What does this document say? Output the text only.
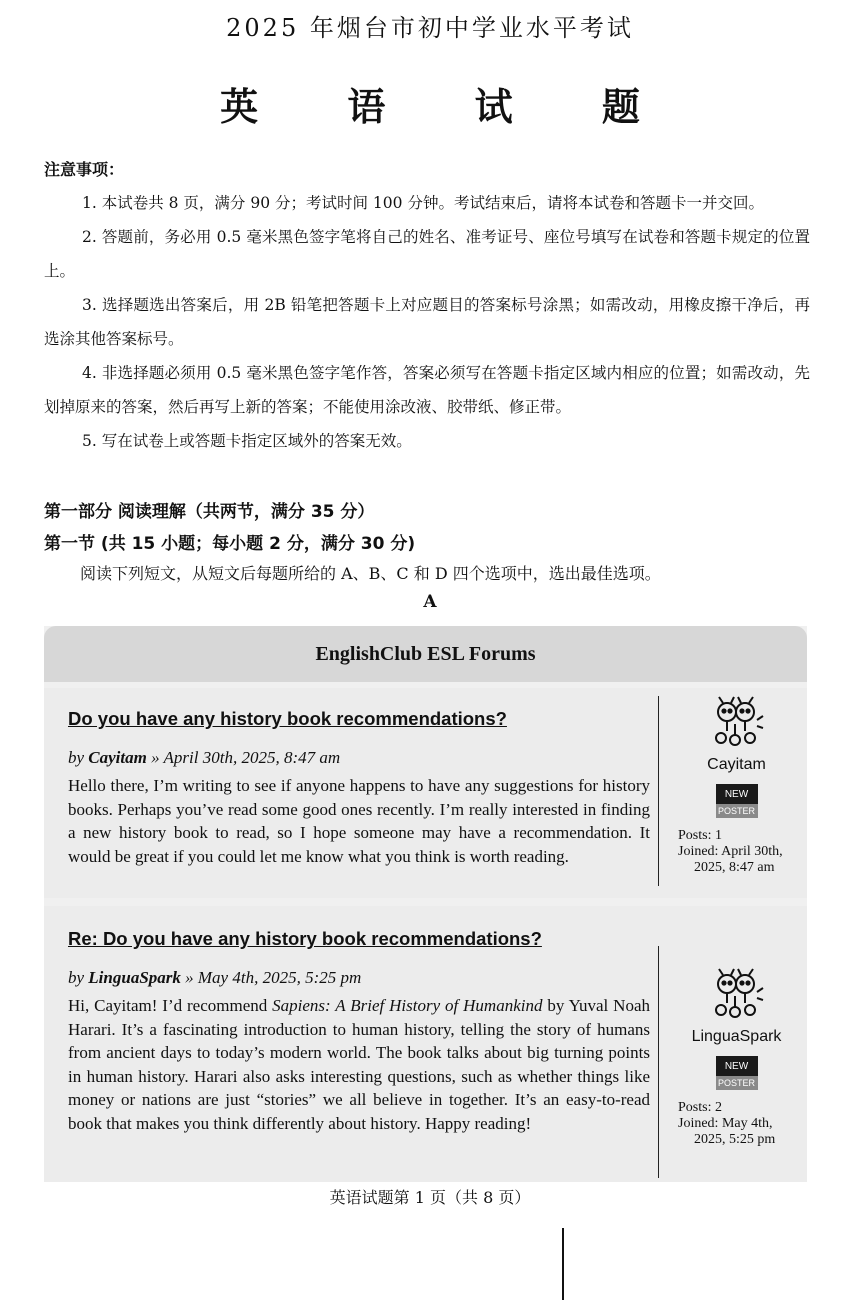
2025 年烟台市初中学业水平考试
英 语 试 题
注意事项：

1. 本试卷共 8 页，满分 90 分；考试时间 100 分钟。考试结束后，请将本试卷和答题卡一并交回。

2. 答题前，务必用 0.5 毫米黑色签字笔将自己的姓名、准考证号、座位号填写在试卷和答题卡规定的位置上。

3. 选择题选出答案后，用 2B 铅笔把答题卡上对应题目的答案标号涂黑；如需改动，用橡皮擦干净后，再选涂其他答案标号。

4. 非选择题必须用 0.5 毫米黑色签字笔作答，答案必须写在答题卡指定区域内相应的位置；如需改动，先划掉原来的答案，然后再写上新的答案；不能使用涂改液、胶带纸、修正带。

5. 写在试卷上或答题卡指定区域外的答案无效。

第一部分 阅读理解（共两节，满分 35 分）
第一节 (共 15 小题；每小题 2 分，满分 30 分)
阅读下列短文，从短文后每题所给的 A、B、C 和 D 四个选项中，选出最佳选项。
A
EnglishClub ESL Forums
Do you have any history book recommendations?
by Cayitam » April 30th, 2025, 8:47 am
Hello there, I’m writing to see if anyone happens to have any suggestions for history books. Perhaps you’ve read some good ones recently. I’m really interested in finding a new history book to read, so I hope someone may have a recommendation. It would be great if you could let me know what you think is worth reading.
Cayitam
NEW
POSTER
Posts: 1
Joined: April 30th,
2025, 8:47 am
Re: Do you have any history book recommendations?
by LinguaSpark » May 4th, 2025, 5:25 pm
Hi, Cayitam! I’d recommend Sapiens: A Brief History of Humankind by Yuval Noah Harari. It’s a fascinating introduction to human history, telling the story of humans from ancient days to today’s modern world. The book talks about big turning points in human history. Harari also asks interesting questions, such as whether things like money or nations are just “stories” we all believe in together. It’s an easy-to-read book that makes you think differently about history. Happy reading!
LinguaSpark
NEW
POSTER
Posts: 2
Joined: May 4th,
2025, 5:25 pm
英语试题第 1 页（共 8 页）
